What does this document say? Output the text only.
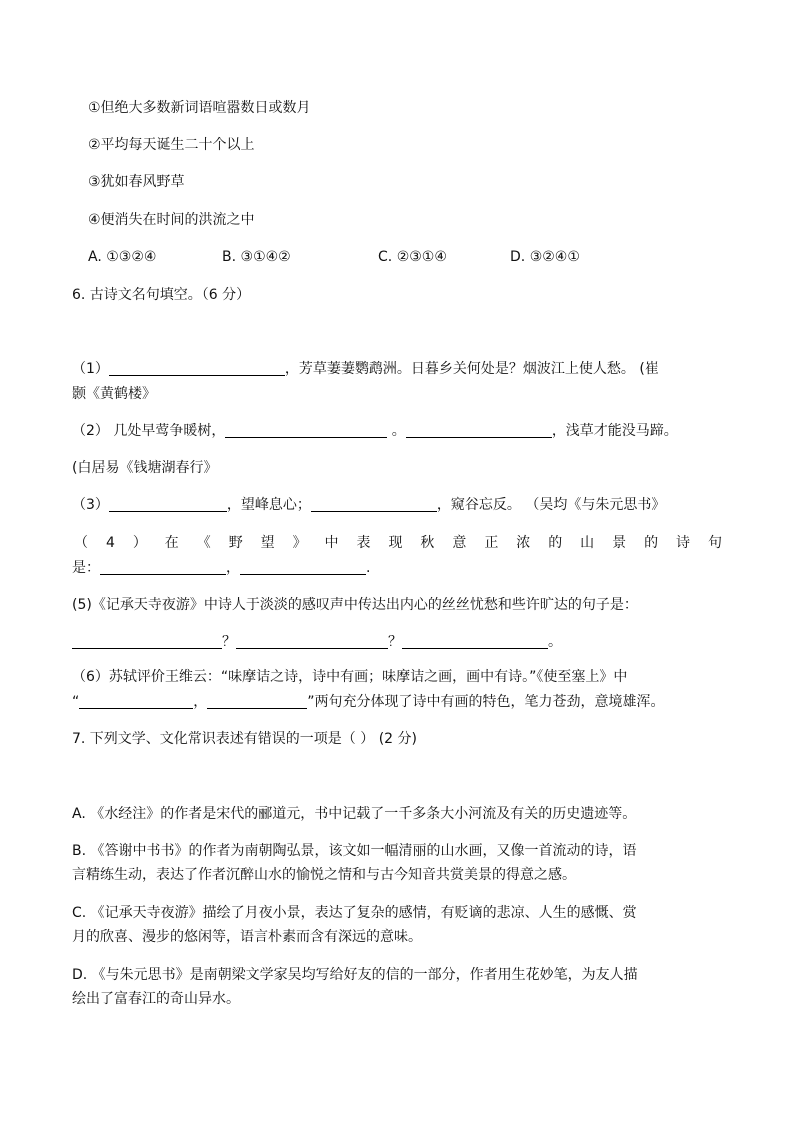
①但绝大多数新词语喧嚣数日或数月
②平均每天诞生二十个以上
③犹如春风野草
④便消失在时间的洪流之中
A. ①③②④	B. ③①④②	C. ②③①④	D. ③②④①
6. 古诗文名句填空。（6 分）
（1）	，芳草萋萋鹦鹉洲。日暮乡关何处是？烟波江上使人愁。 (崔
颢《黄鹤楼》
（2） 几处早莺争暖树，	。	，浅草才能没马蹄。
(白居易《钱塘湖春行》
（3）	，望峰息心；	，窥谷忘反。 （吴均《与朱元思书》
（ 4 ） 在 《 野 望 》 中 表 现 秋 意 正 浓 的 山 景 的 诗 句
是：	，	.
(5)《记承天寺夜游》中诗人于淡淡的感叹声中传达出内心的丝丝忧愁和些许旷达的句子是：
？	？	。
（6）苏轼评价王维云：“味摩诘之诗，诗中有画；味摩诘之画，画中有诗。”《使至塞上》中
“	，	”两句充分体现了诗中有画的特色，笔力苍劲，意境雄浑。
7. 下列文学、文化常识表述有错误的一项是（ ） (2 分)
A. 《水经注》的作者是宋代的郦道元，书中记载了一千多条大小河流及有关的历史遗迹等。
B. 《答谢中书书》的作者为南朝陶弘景，该文如一幅清丽的山水画，又像一首流动的诗，语
言精练生动，表达了作者沉醉山水的愉悦之情和与古今知音共赏美景的得意之感。
C. 《记承天寺夜游》描绘了月夜小景，表达了复杂的感情，有贬谪的悲凉、人生的感慨、赏
月的欣喜、漫步的悠闲等，语言朴素而含有深远的意味。
D. 《与朱元思书》是南朝梁文学家吴均写给好友的信的一部分，作者用生花妙笔，为友人描
绘出了富春江的奇山异水。
